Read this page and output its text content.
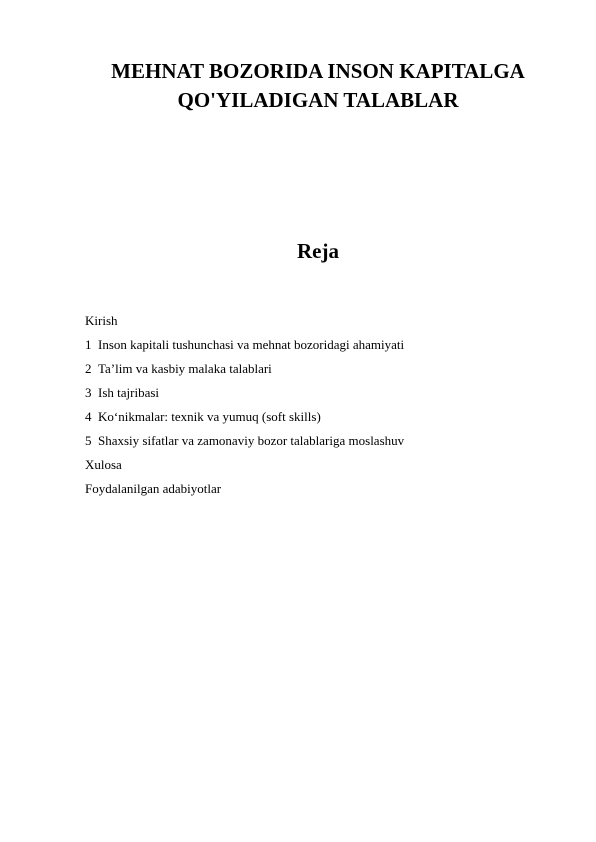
MEHNAT BOZORIDA INSON KAPITALGA
QO'YILADIGAN TALABLAR
Reja
Kirish
1 Inson kapitali tushunchasi va mehnat bozoridagi ahamiyati
2 Ta’lim va kasbiy malaka talablari
3 Ish tajribasi
4 Ko‘nikmalar: texnik va yumuq (soft skills)
5 Shaxsiy sifatlar va zamonaviy bozor talablariga moslashuv
Xulosa
Foydalanilgan adabiyotlar
